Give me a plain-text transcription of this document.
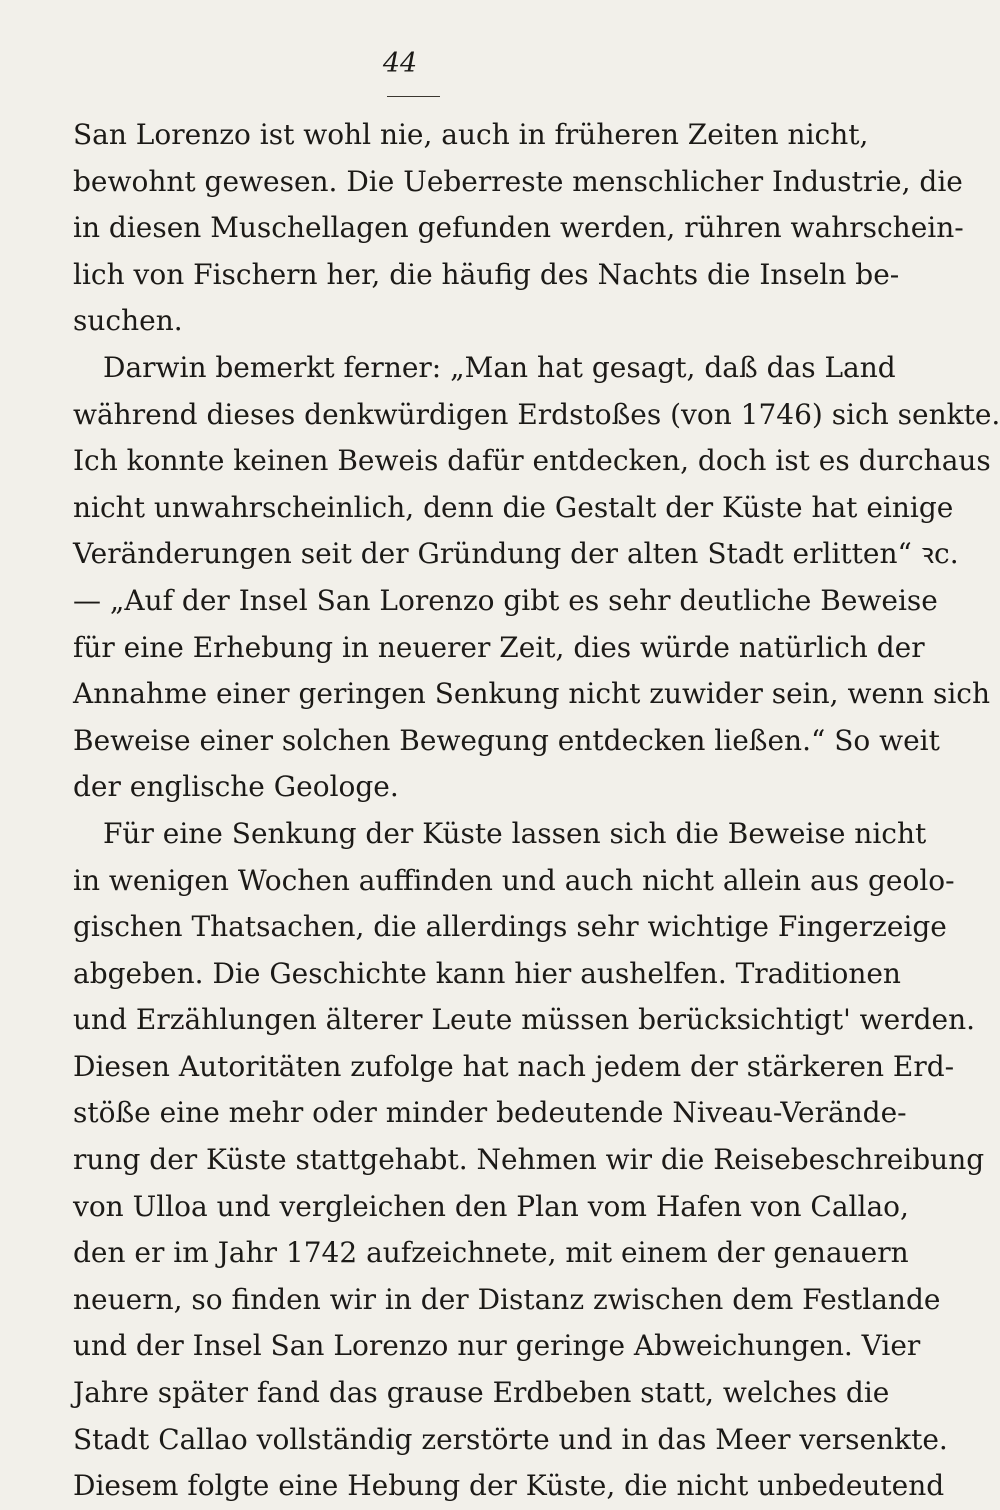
44
San Lorenzo ist wohl nie, auch in früheren Zeiten nicht,
bewohnt gewesen. Die Ueberreste menschlicher Industrie, die
in diesen Muschellagen gefunden werden, rühren wahrschein-
lich von Fischern her, die häufig des Nachts die Inseln be-
suchen.
Darwin bemerkt ferner: „Man hat gesagt, daß das Land
während dieses denkwürdigen Erdstoßes (von 1746) sich senkte.
Ich konnte keinen Beweis dafür entdecken, doch ist es durchaus
nicht unwahrscheinlich, denn die Gestalt der Küste hat einige
Veränderungen seit der Gründung der alten Stadt erlitten“ ꝛc.
— „Auf der Insel San Lorenzo gibt es sehr deutliche Beweise
für eine Erhebung in neuerer Zeit, dies würde natürlich der
Annahme einer geringen Senkung nicht zuwider sein, wenn sich
Beweise einer solchen Bewegung entdecken ließen.“ So weit
der englische Geologe.
Für eine Senkung der Küste lassen sich die Beweise nicht
in wenigen Wochen auffinden und auch nicht allein aus geolo-
gischen Thatsachen, die allerdings sehr wichtige Fingerzeige
abgeben. Die Geschichte kann hier aushelfen. Traditionen
und Erzählungen älterer Leute müssen berücksichtigt' werden.
Diesen Autoritäten zufolge hat nach jedem der stärkeren Erd-
stöße eine mehr oder minder bedeutende Niveau-Verände-
rung der Küste stattgehabt. Nehmen wir die Reisebeschreibung
von Ulloa und vergleichen den Plan vom Hafen von Callao,
den er im Jahr 1742 aufzeichnete, mit einem der genauern
neuern, so finden wir in der Distanz zwischen dem Festlande
und der Insel San Lorenzo nur geringe Abweichungen. Vier
Jahre später fand das grause Erdbeben statt, welches die
Stadt Callao vollständig zerstörte und in das Meer versenkte.
Diesem folgte eine Hebung der Küste, die nicht unbedeutend
